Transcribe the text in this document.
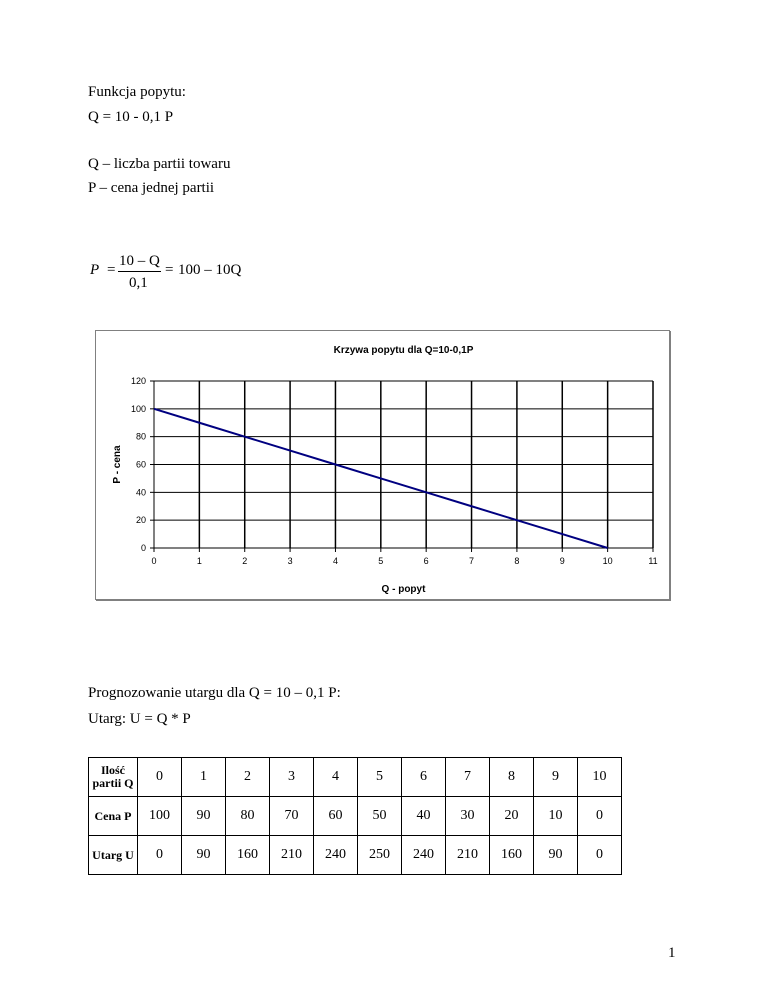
Funkcja popytu:
Q = 10 - 0,1 P
Q – liczba partii towaru
P – cena jednej partii
P =
10 – Q
0,1
= 100 – 10Q
Krzywa popytu dla Q=10-0,1P
0
20
40
60
80
100
120
0	1	2	3	4	5	6	7	8	9	10	11
Q - popyt
P - cena
Prognozowanie utargu dla Q = 10 – 0,1 P:
Utarg: U = Q * P
Ilość partii Q	0	1	2	3	4	5	6	7	8	9	10
Cena P	100	90	80	70	60	50	40	30	20	10	0
Utarg U	0	90	160	210	240	250	240	210	160	90	0
1
